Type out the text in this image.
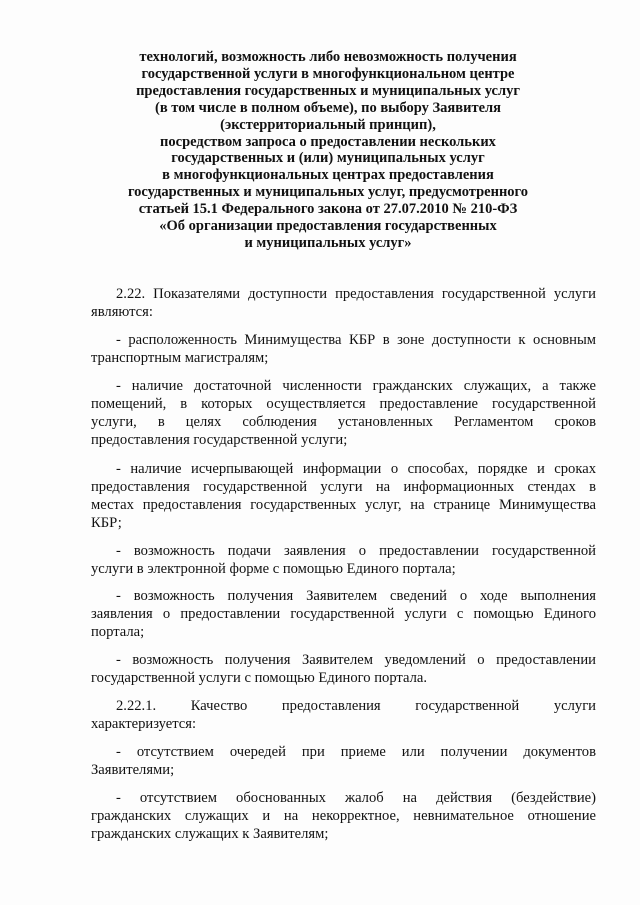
технологий, возможность либо невозможность получения
государственной услуги в многофункциональном центре
предоставления государственных и муниципальных услуг
(в том числе в полном объеме), по выбору Заявителя
(экстерриториальный принцип),
посредством запроса о предоставлении нескольких
государственных и (или) муниципальных услуг
в многофункциональных центрах предоставления
государственных и муниципальных услуг, предусмотренного
статьей 15.1 Федерального закона от 27.07.2010 № 210-ФЗ
«Об организации предоставления государственных
и муниципальных услуг»
2.22. Показателями доступности предоставления государственной услуги
являются:
- расположенность Минимущества КБР в зоне доступности к основным
транспортным магистралям;
- наличие достаточной численности гражданских служащих, а также
помещений, в которых осуществляется предоставление государственной
услуги, в целях соблюдения установленных Регламентом сроков
предоставления государственной услуги;
- наличие исчерпывающей информации о способах, порядке и сроках
предоставления государственной услуги на информационных стендах в
местах предоставления государственных услуг, на странице Минимущества
КБР;
- возможность подачи заявления о предоставлении государственной
услуги в электронной форме с помощью Единого портала;
- возможность получения Заявителем сведений о ходе выполнения
заявления о предоставлении государственной услуги с помощью Единого
портала;
- возможность получения Заявителем уведомлений о предоставлении
государственной услуги с помощью Единого портала.
2.22.1. Качество предоставления государственной услуги
характеризуется:
- отсутствием очередей при приеме или получении документов
Заявителями;
- отсутствием обоснованных жалоб на действия (бездействие)
гражданских служащих и на некорректное, невнимательное отношение
гражданских служащих к Заявителям;
